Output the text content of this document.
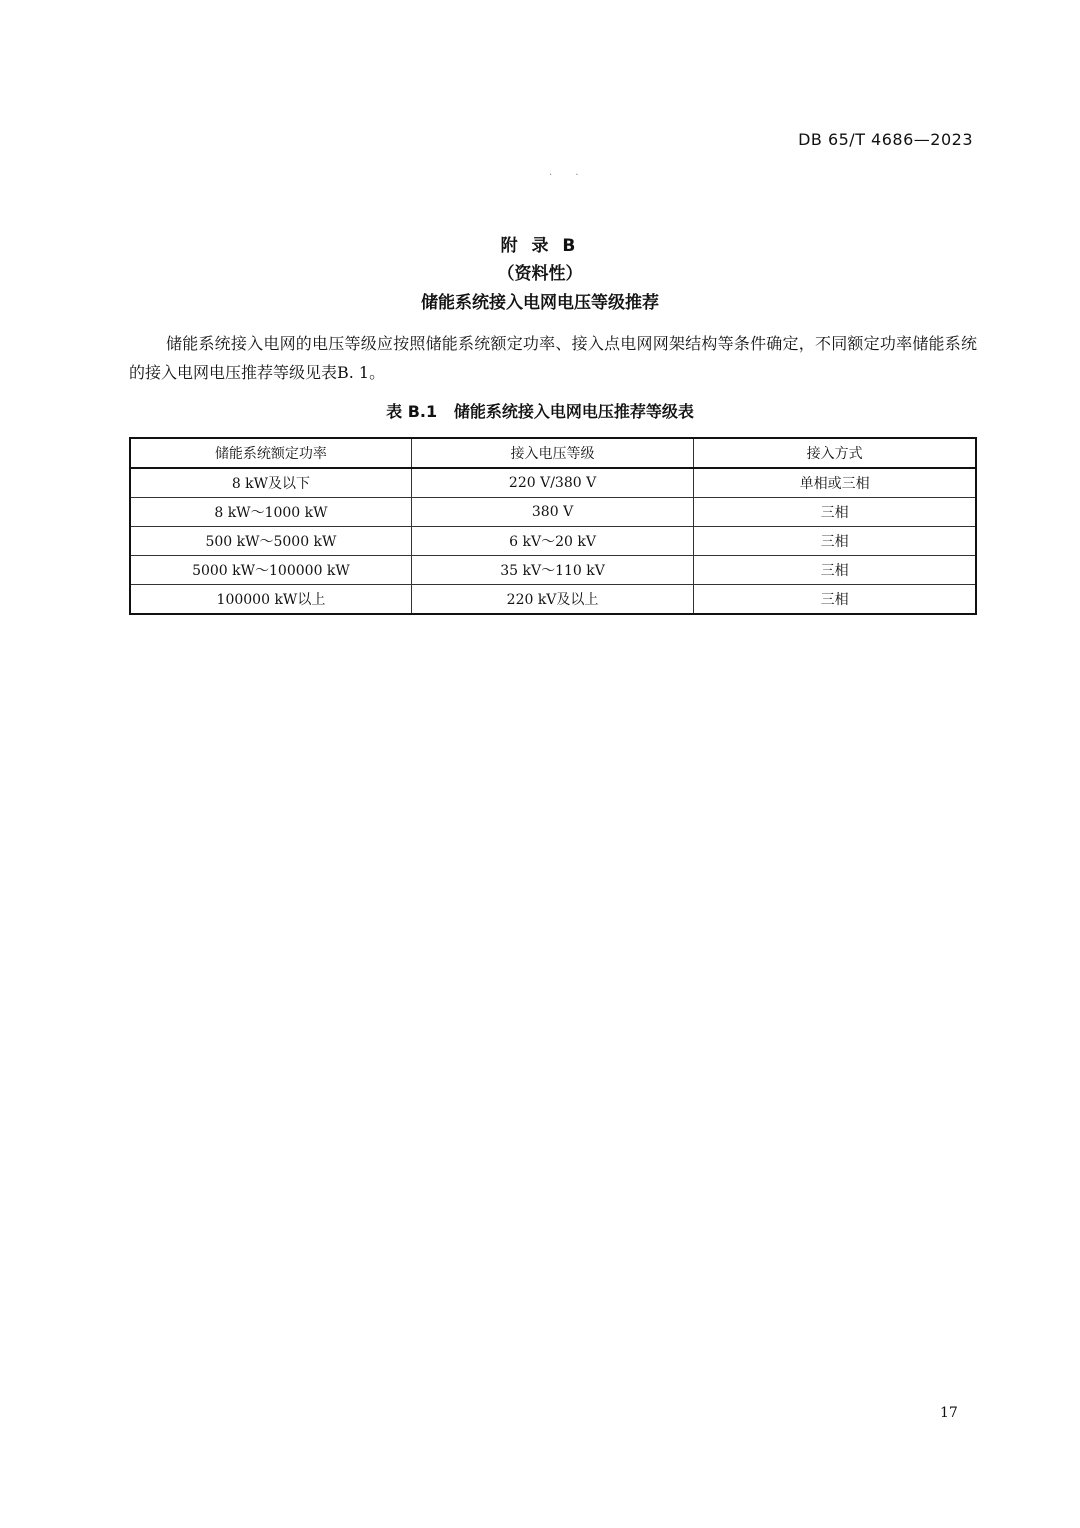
DB 65/T 4686—2023
· ·
附 录 B
（资料性）
储能系统接入电网电压等级推荐

储能系统接入电网的电压等级应按照储能系统额定功率、接入点电网网架结构等条件确定，不同额定功率储能系统的接入电网电压推荐等级见表B. 1。

表 B.1   储能系统接入电网电压推荐等级表
储能系统额定功率	接入电压等级	接入方式
8 kW及以下	220 V/380 V	单相或三相
8 kW～1000 kW	380 V	三相
500 kW～5000 kW	6 kV～20 kV	三相
5000 kW～100000 kW	35 kV～110 kV	三相
100000 kW以上	220 kV及以上	三相
17
